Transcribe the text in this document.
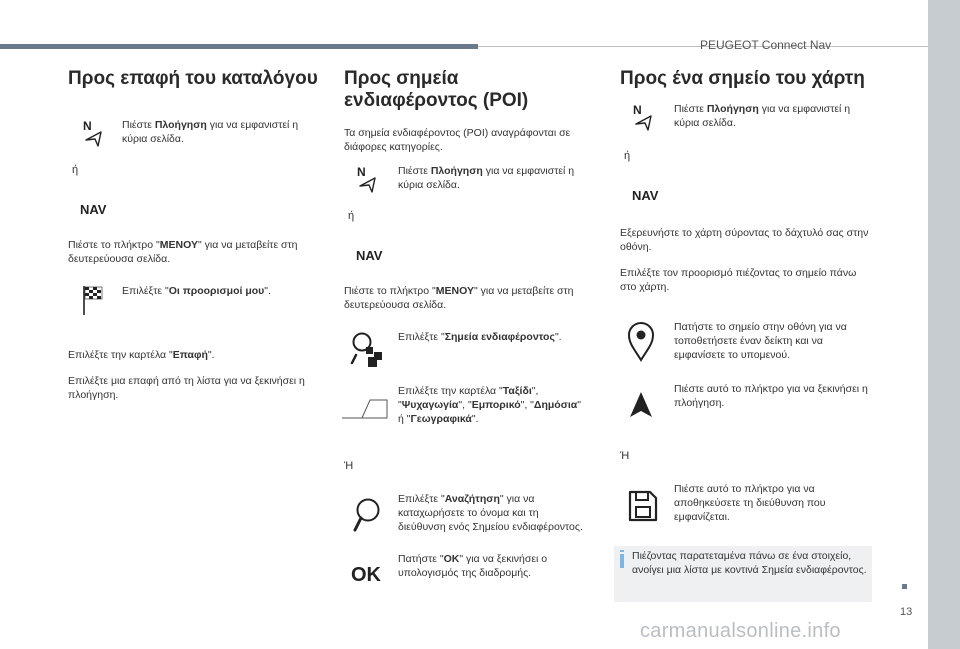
PEUGEOT Connect Nav
13
carmanualsonline.info
Προς επαφή του καταλόγου
N	Πιέστε Πλοήγηση για να εμφανιστεί η κύρια σελίδα.
ή
NAV
Πιέστε το πλήκτρο "ΜΕΝΟΥ" για να μεταβείτε στη δευτερεύουσα σελίδα.
Επιλέξτε "Οι προορισμοί μου".
Επιλέξτε την καρτέλα "Επαφή".
Επιλέξτε μια επαφή από τη λίστα για να ξεκινήσει η πλοήγηση.
Προς σημεία ενδιαφέροντος (POI)
Τα σημεία ενδιαφέροντος (POI) αναγράφονται σε διάφορες κατηγορίες.
N	Πιέστε Πλοήγηση για να εμφανιστεί η κύρια σελίδα.
ή
NAV
Πιέστε το πλήκτρο "ΜΕΝΟΥ" για να μεταβείτε στη δευτερεύουσα σελίδα.
Επιλέξτε "Σημεία ενδιαφέροντος".
Επιλέξτε την καρτέλα "Ταξίδι", "Ψυχαγωγία", "Εμπορικό", "Δημόσια" ή "Γεωγραφικά".
Ή
Επιλέξτε "Αναζήτηση" για να καταχωρήσετε το όνομα και τη διεύθυνση ενός Σημείου ενδιαφέροντος.
OK
Πατήστε "OK" για να ξεκινήσει ο υπολογισμός της διαδρομής.
Προς ένα σημείο του χάρτη
N	Πιέστε Πλοήγηση για να εμφανιστεί η κύρια σελίδα.
ή
NAV
Εξερευνήστε το χάρτη σύροντας το δάχτυλό σας στην οθόνη.
Επιλέξτε τον προορισμό πιέζοντας το σημείο πάνω στο χάρτη.
Πατήστε το σημείο στην οθόνη για να τοποθετήσετε έναν δείκτη και να εμφανίσετε το υπομενού.
Πιέστε αυτό το πλήκτρο για να ξεκινήσει η πλοήγηση.
Ή
Πιέστε αυτό το πλήκτρο για να αποθηκεύσετε τη διεύθυνση που εμφανίζεται.
Πιέζοντας παρατεταμένα πάνω σε ένα στοιχείο, ανοίγει μια λίστα με κοντινά Σημεία ενδιαφέροντος.
